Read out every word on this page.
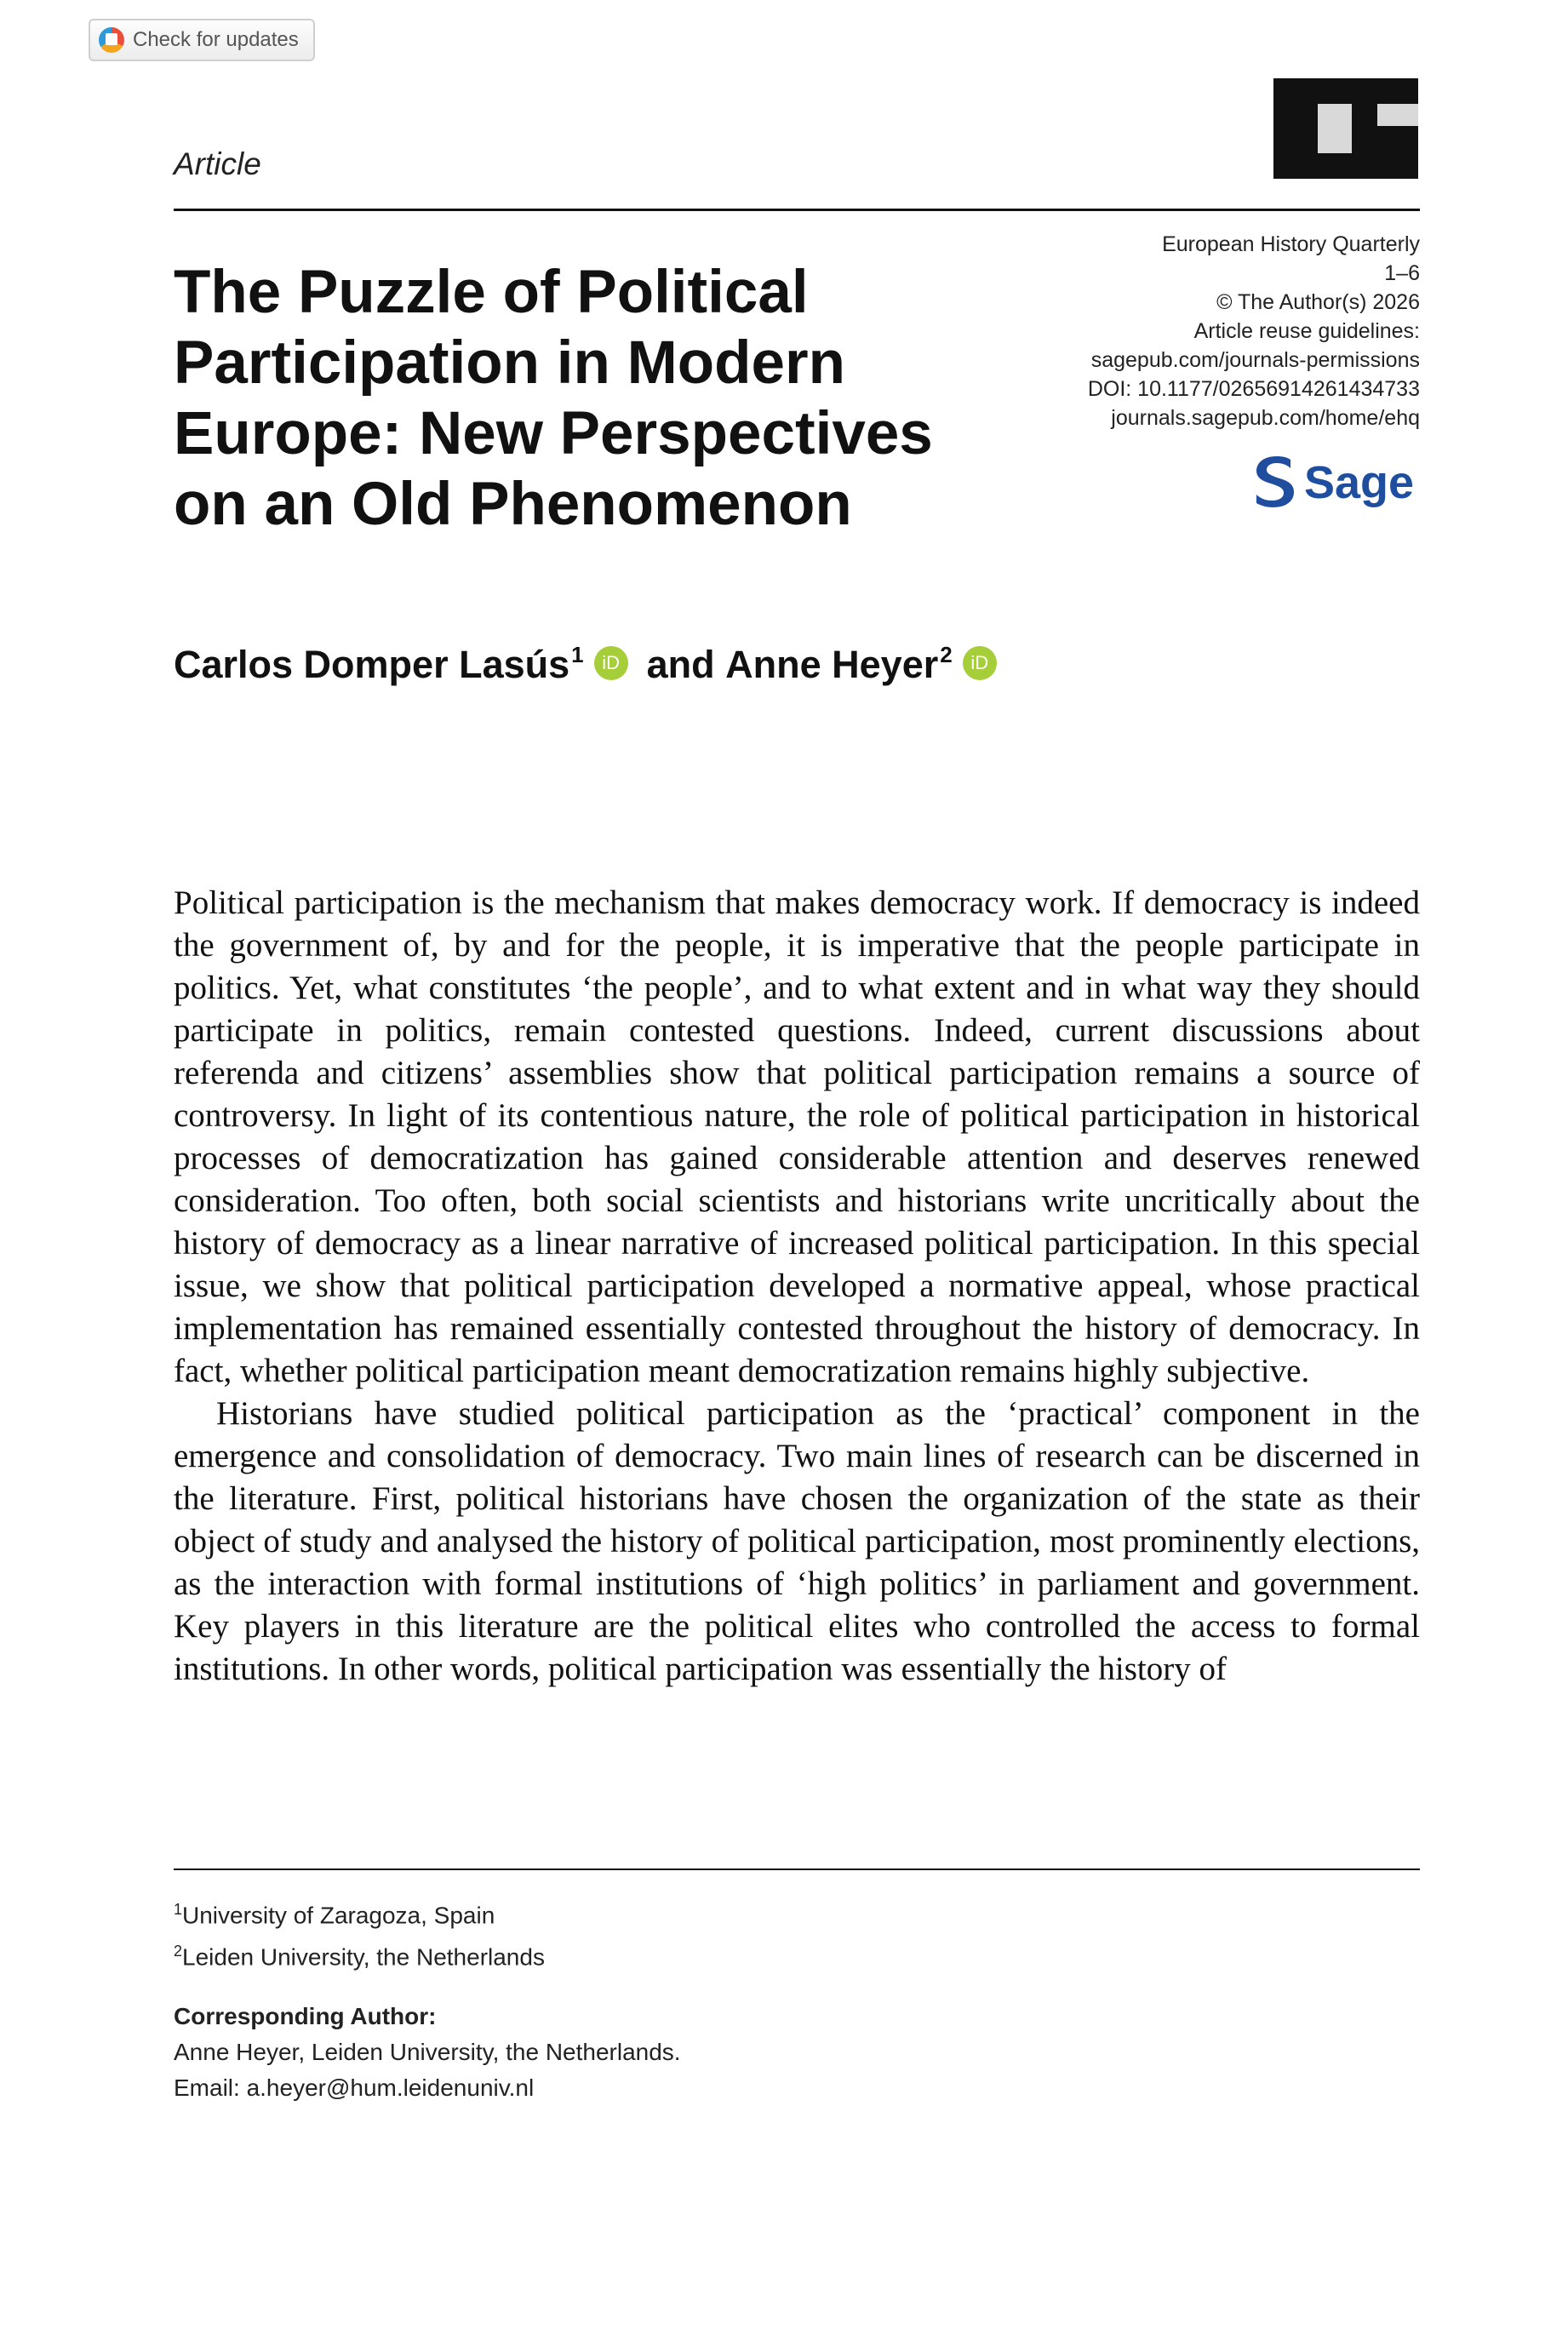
Check for updates
Article
The Puzzle of Political Participation in Modern Europe: New Perspectives on an Old Phenomenon
European History Quarterly
1–6
© The Author(s) 2026
Article reuse guidelines:
sagepub.com/journals-permissions
DOI: 10.1177/02656914261434733
journals.sagepub.com/home/ehq
Sage
Carlos Domper Lasús$^1$ iD and
Anne Heyer$^2$ iD

Political participation is the mechanism that makes democracy work. If democracy is indeed the government of, by and for the people, it is imperative that the people participate in politics. Yet, what constitutes ‘the people’, and to what extent and in what way they should participate in politics, remain contested questions. Indeed, current discussions about referenda and citizens’ assemblies show that political participation remains a source of controversy. In light of its contentious nature, the role of political participation in historical processes of democratization has gained considerable attention and deserves renewed consideration. Too often, both social scientists and historians write uncritically about the history of democracy as a linear narrative of increased political participation. In this special issue, we show that political participation developed a normative appeal, whose practical implementation has remained essentially contested throughout the history of democracy. In fact, whether political participation meant democratization remains highly subjective.

Historians have studied political participation as the ‘practical’ component in the emergence and consolidation of democracy. Two main lines of research can be discerned in the literature. First, political historians have chosen the organization of the state as their object of study and analysed the history of political participation, most prominently elections, as the interaction with formal institutions of ‘high politics’ in parliament and government. Key players in this literature are the political elites who controlled the access to formal institutions. In other words, political participation was essentially the history of

$^1$University of Zaragoza, Spain
$^2$Leiden University, the Netherlands
Corresponding Author:
Anne Heyer, Leiden University, the Netherlands.
Email: a.heyer@hum.leidenuniv.nl
